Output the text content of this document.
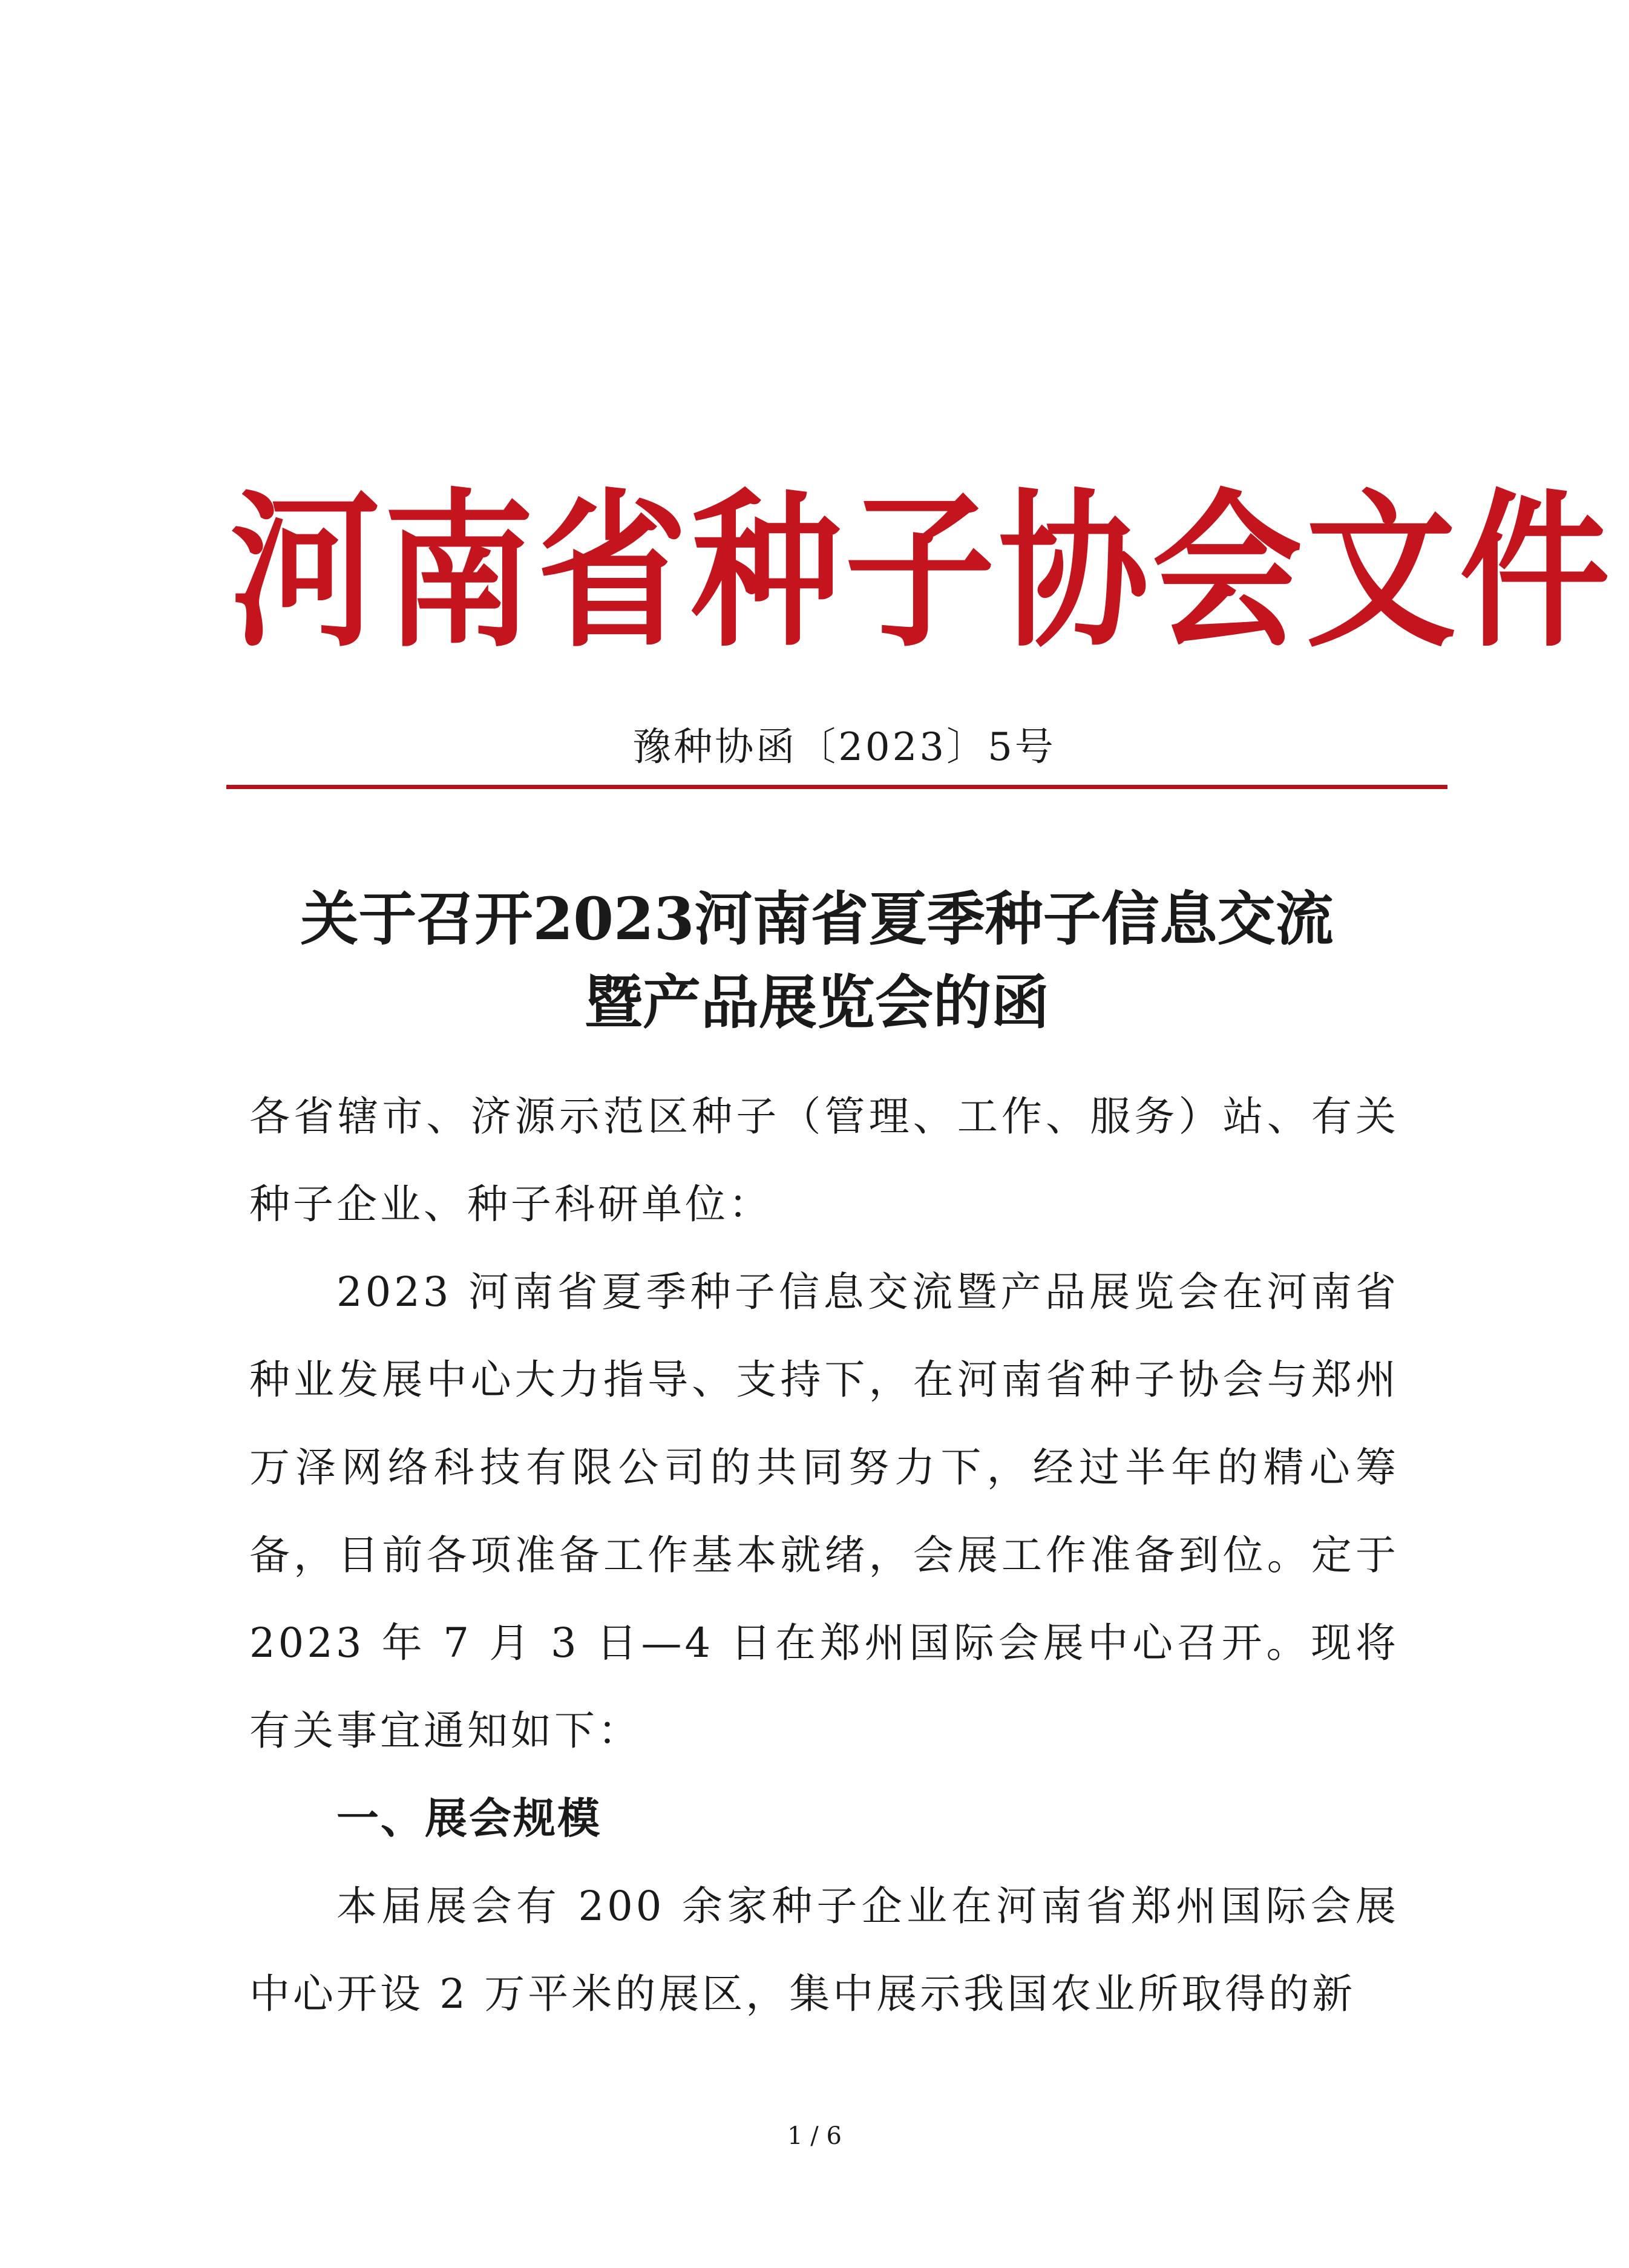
河南省种子协会文件
豫种协函〔2023〕5号
关于召开2023河南省夏季种子信息交流
暨产品展览会的函

各省辖市、济源示范区种子（管理、工作、服务）站、有关种子企业、种子科研单位：

2023 河南省夏季种子信息交流暨产品展览会在河南省种业发展中心大力指导、支持下，在河南省种子协会与郑州万泽网络科技有限公司的共同努力下，经过半年的精心筹备，目前各项准备工作基本就绪，会展工作准备到位。定于 2023 年 7 月 3 日—4 日在郑州国际会展中心召开。现将有关事宜通知如下：

一、展会规模

本届展会有 200 余家种子企业在河南省郑州国际会展中心开设 2 万平米的展区，集中展示我国农业所取得的新

1 / 6
